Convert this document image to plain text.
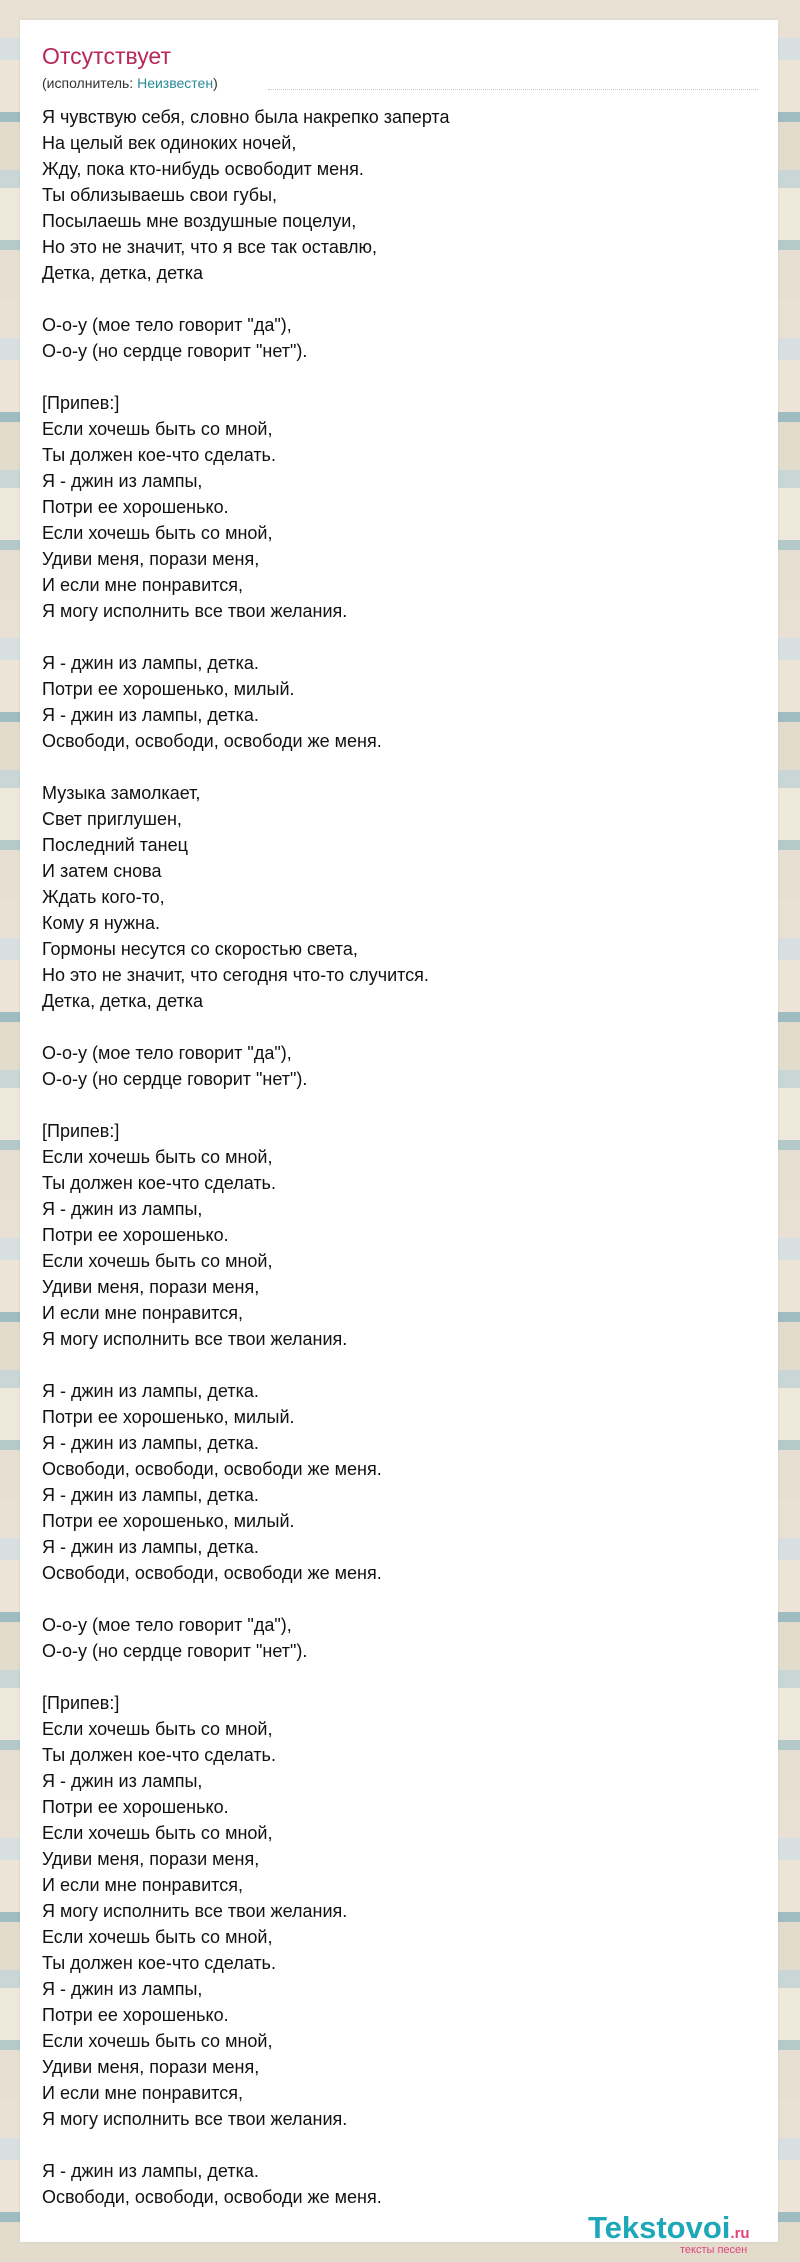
Отсутствует
(исполнитель: Неизвестен)
Я чувствую себя, словно была накрепко заперта
На целый век одиноких ночей,
Жду, пока кто-нибудь освободит меня.
Ты облизываешь свои губы,
Посылаешь мне воздушные поцелуи,
Но это не значит, что я все так оставлю,
Детка, детка, детка
О-о-у (мое тело говорит "да"),
О-о-у (но сердце говорит "нет").
[Припев:]
Если хочешь быть со мной,
Ты должен кое-что сделать.
Я - джин из лампы,
Потри ее хорошенько.
Если хочешь быть со мной,
Удиви меня, порази меня,
И если мне понравится,
Я могу исполнить все твои желания.
Я - джин из лампы, детка.
Потри ее хорошенько, милый.
Я - джин из лампы, детка.
Освободи, освободи, освободи же меня.
Музыка замолкает,
Свет приглушен,
Последний танец
И затем снова
Ждать кого-то,
Кому я нужна.
Гормоны несутся со скоростью света,
Но это не значит, что сегодня что-то случится.
Детка, детка, детка
О-о-у (мое тело говорит "да"),
О-о-у (но сердце говорит "нет").
[Припев:]
Если хочешь быть со мной,
Ты должен кое-что сделать.
Я - джин из лампы,
Потри ее хорошенько.
Если хочешь быть со мной,
Удиви меня, порази меня,
И если мне понравится,
Я могу исполнить все твои желания.
Я - джин из лампы, детка.
Потри ее хорошенько, милый.
Я - джин из лампы, детка.
Освободи, освободи, освободи же меня.
Я - джин из лампы, детка.
Потри ее хорошенько, милый.
Я - джин из лампы, детка.
Освободи, освободи, освободи же меня.
О-о-у (мое тело говорит "да"),
О-о-у (но сердце говорит "нет").
[Припев:]
Если хочешь быть со мной,
Ты должен кое-что сделать.
Я - джин из лампы,
Потри ее хорошенько.
Если хочешь быть со мной,
Удиви меня, порази меня,
И если мне понравится,
Я могу исполнить все твои желания.
Если хочешь быть со мной,
Ты должен кое-что сделать.
Я - джин из лампы,
Потри ее хорошенько.
Если хочешь быть со мной,
Удиви меня, порази меня,
И если мне понравится,
Я могу исполнить все твои желания.
Я - джин из лампы, детка.
Освободи, освободи, освободи же меня.
Tekstovoi.ru
тексты песен
